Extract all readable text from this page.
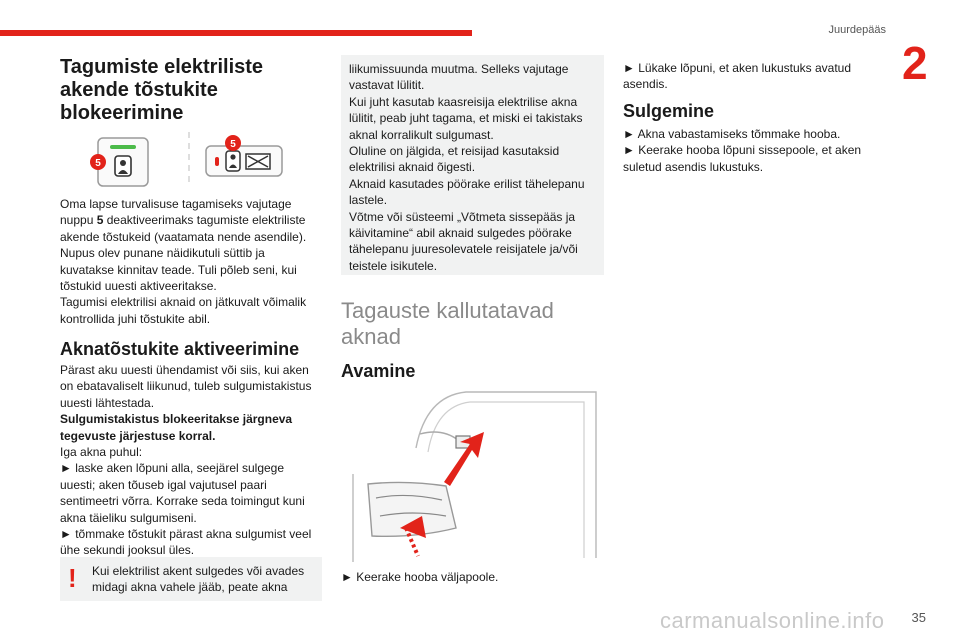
Juurdepääs
2
Tagumiste elektriliste
akende tõstukite
blokeerimine
5
5
Oma lapse turvalisuse tagamiseks vajutage
nuppu 5 deaktiveerimaks tagumiste elektriliste
akende tõstukeid (vaatamata nende asendile).
Nupus olev punane näidikutuli süttib ja
kuvatakse kinnitav teade. Tuli põleb seni, kui
tõstukid uuesti aktiveeritakse.
Tagumisi elektrilisi aknaid on jätkuvalt võimalik
kontrollida juhi tõstukite abil.
Aknatõstukite aktiveerimine
Pärast aku uuesti ühendamist või siis, kui aken
on ebatavaliselt liikunud, tuleb sulgumistakistus
uuesti lähtestada.
Sulgumistakistus blokeeritakse järgneva
tegevuste järjestuse korral.
Iga akna puhul:
► laske aken lõpuni alla, seejärel sulgege
uuesti; aken tõuseb igal vajutusel paari
sentimeetri võrra. Korrake seda toimingut kuni
akna täieliku sulgumiseni.
► tõmmake tõstukit pärast akna sulgumist veel
ühe sekundi jooksul üles.
! Kui elektrilist akent sulgedes või avades
midagi akna vahele jääb, peate akna
liikumissuunda muutma. Selleks vajutage
vastavat lülitit.
Kui juht kasutab kaasreisija elektrilise akna
lülitit, peab juht tagama, et miski ei takistaks
aknal korralikult sulgumast.
Oluline on jälgida, et reisijad kasutaksid
elektrilisi aknaid õigesti.
Aknaid kasutades pöörake erilist tähelepanu
lastele.
Võtme või süsteemi „Võtmeta sissepääs ja
käivitamine“ abil aknaid sulgedes pöörake
tähelepanu juuresolevatele reisijatele ja/või
teistele isikutele.
Tagauste kallutatavad
aknad
Avamine
► Keerake hooba väljapoole.
► Lükake lõpuni, et aken lukustuks avatud
asendis.
Sulgemine
► Akna vabastamiseks tõmmake hooba.
► Keerake hooba lõpuni sissepoole, et aken
suletud asendis lukustuks.
carmanualsonline.info 35
